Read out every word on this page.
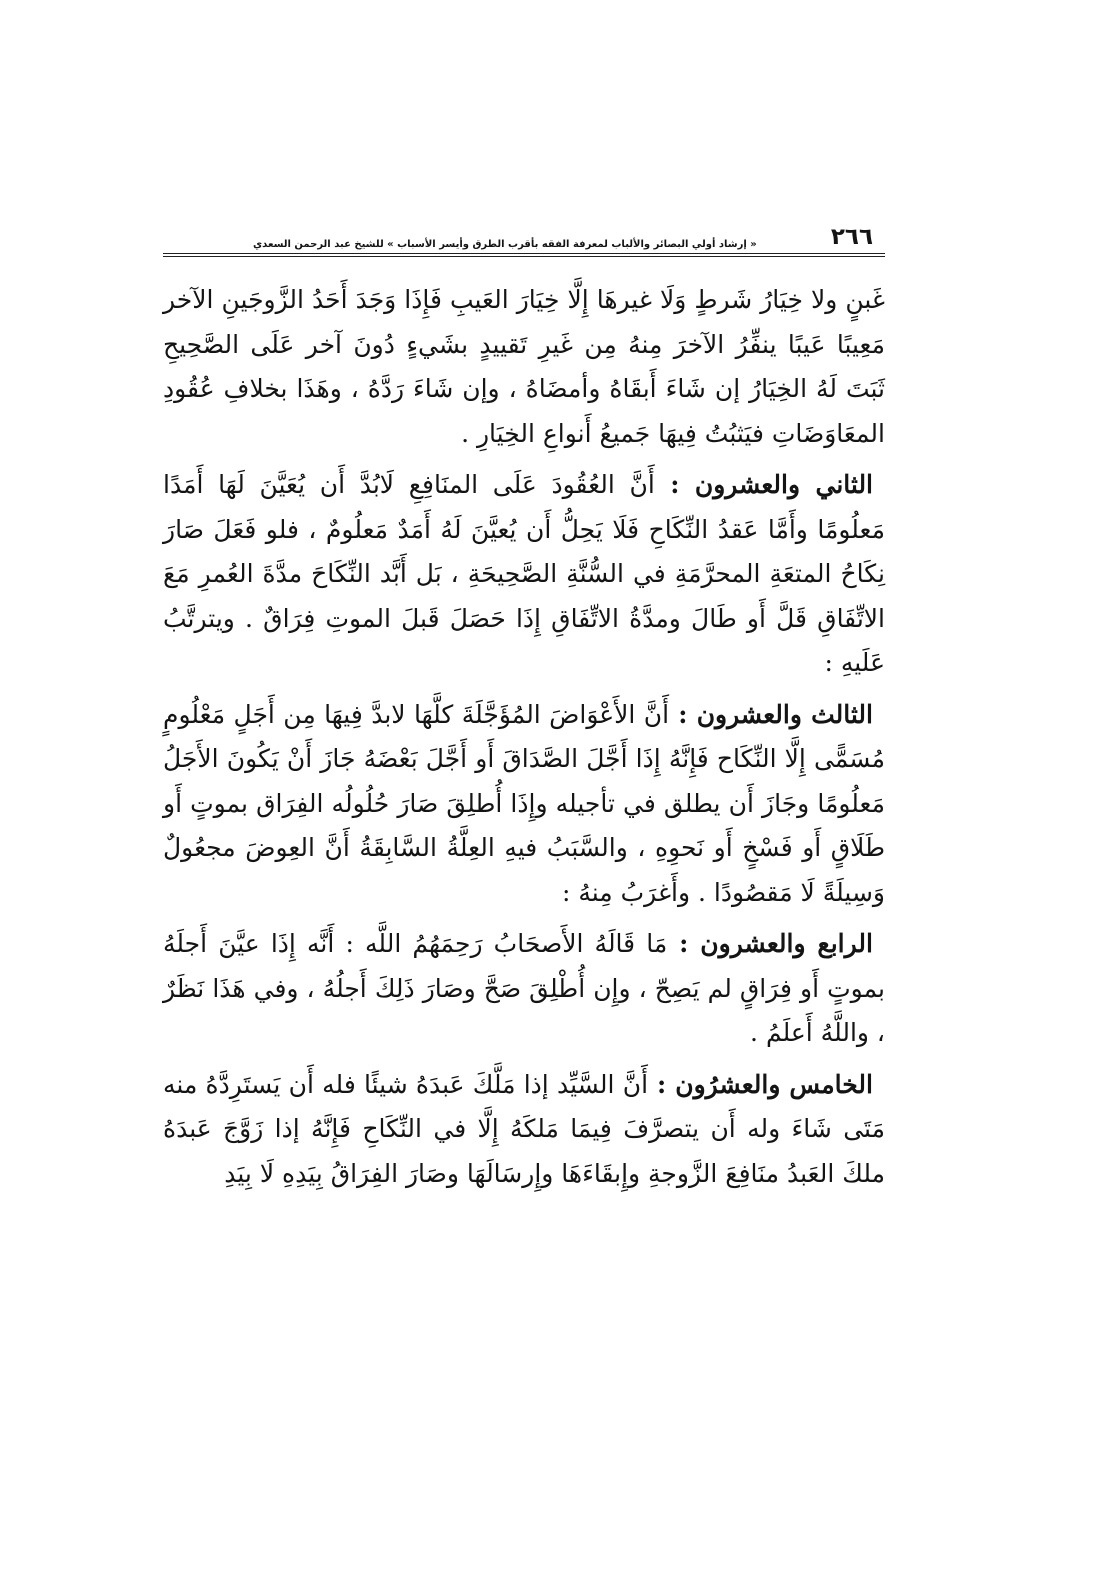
٢٦٦
« إرشاد أولي البصائر والألباب لمعرفة الفقه بأقرب الطرق وأيسر الأسباب » للشيخ عبد الرحمن السعدي

غَبنٍ ولا خِيَارُ شَرطٍ وَلَا غيرهَا إِلَّا خِيَارَ العَيبِ فَإِذَا وَجَدَ أَحَدُ الزَّوجَينِ الآخر مَعِيبًا عَيبًا ينفِّرُ الآخرَ مِنهُ مِن غَيرِ تَقييدٍ بشَيءٍ دُونَ آخر عَلَى الصَّحِيحِ ثَبَتَ لَهُ الخِيَارُ إن شَاءَ أَبقَاهُ وأمضَاهُ ، وإن شَاءَ رَدَّهُ ، وهَذَا بخلافِ عُقُودِ المعَاوَضَاتِ فيَثبُتُ فِيهَا جَميعُ أَنواعِ الخِيَارِ .

الثاني والعشرون : أَنَّ العُقُودَ عَلَى المنَافِعِ لَابُدَّ أَن يُعَيَّنَ لَهَا أَمَدًا مَعلُومًا وأَمَّا عَقدُ النِّكَاحِ فَلَا يَحِلُّ أَن يُعيَّنَ لَهُ أَمَدٌ مَعلُومٌ ، فلو فَعَلَ صَارَ نِكَاحُ المتعَةِ المحرَّمَةِ في السُّنَّةِ الصَّحِيحَةِ ، بَل أَبَّد النِّكَاحَ مدَّةَ العُمرِ مَعَ الاتِّفَاقِ قَلَّ أَو طَالَ ومدَّةُ الاتِّفَاقِ إِذَا حَصَلَ قَبلَ الموتِ فِرَاقٌ . ويترتَّبُ عَلَيهِ :

الثالث والعشرون : أَنَّ الأَعْوَاضَ المُؤَجَّلَةَ كلَّهَا لابدَّ فِيهَا مِن أَجَلٍ مَعْلُومٍ مُسَمًّى إِلَّا النِّكَاح فَإِنَّهُ إِذَا أَجَّلَ الصَّدَاقَ أَو أَجَّلَ بَعْضَهُ جَازَ أَنْ يَكُونَ الأَجَلُ مَعلُومًا وجَازَ أَن يطلق في تأجيله وإِذَا أُطلِقَ صَارَ حُلُولُه الفِرَاق بموتٍ أَو طَلَاقٍ أَو فَسْخٍ أَو نَحوِهِ ، والسَّبَبُ فيهِ العِلَّةُ السَّابِقَةُ أَنَّ العِوضَ مجعُولٌ وَسِيلَةً لَا مَقصُودًا . وأَغرَبُ مِنهُ :

الرابع والعشرون : مَا قَالَهُ الأَصحَابُ رَحِمَهُمُ اللَّه : أَنَّه إِذَا عيَّنَ أَجلَهُ بموتٍ أَو فِرَاقٍ لم يَصِحّ ، وإِن أُطْلِقَ صَحَّ وصَارَ ذَلِكَ أَجلُهُ ، وفي هَذَا نَظَرٌ ، واللَّهُ أَعلَمُ .

الخامس والعشرُون : أَنَّ السَّيِّد إذا مَلَّكَ عَبدَهُ شيئًا فله أَن يَستَرِدَّهُ منه مَتَى شَاءَ وله أَن يتصرَّفَ فِيمَا مَلكَهُ إِلَّا في النِّكَاحِ فَإِنَّهُ إذا زَوَّجَ عَبدَهُ ملكَ العَبدُ منَافِعَ الزَّوجةِ وإِبقَاءَهَا وإِرسَالَهَا وصَارَ الفِرَاقُ بِيَدِهِ لَا بِيَدِ
